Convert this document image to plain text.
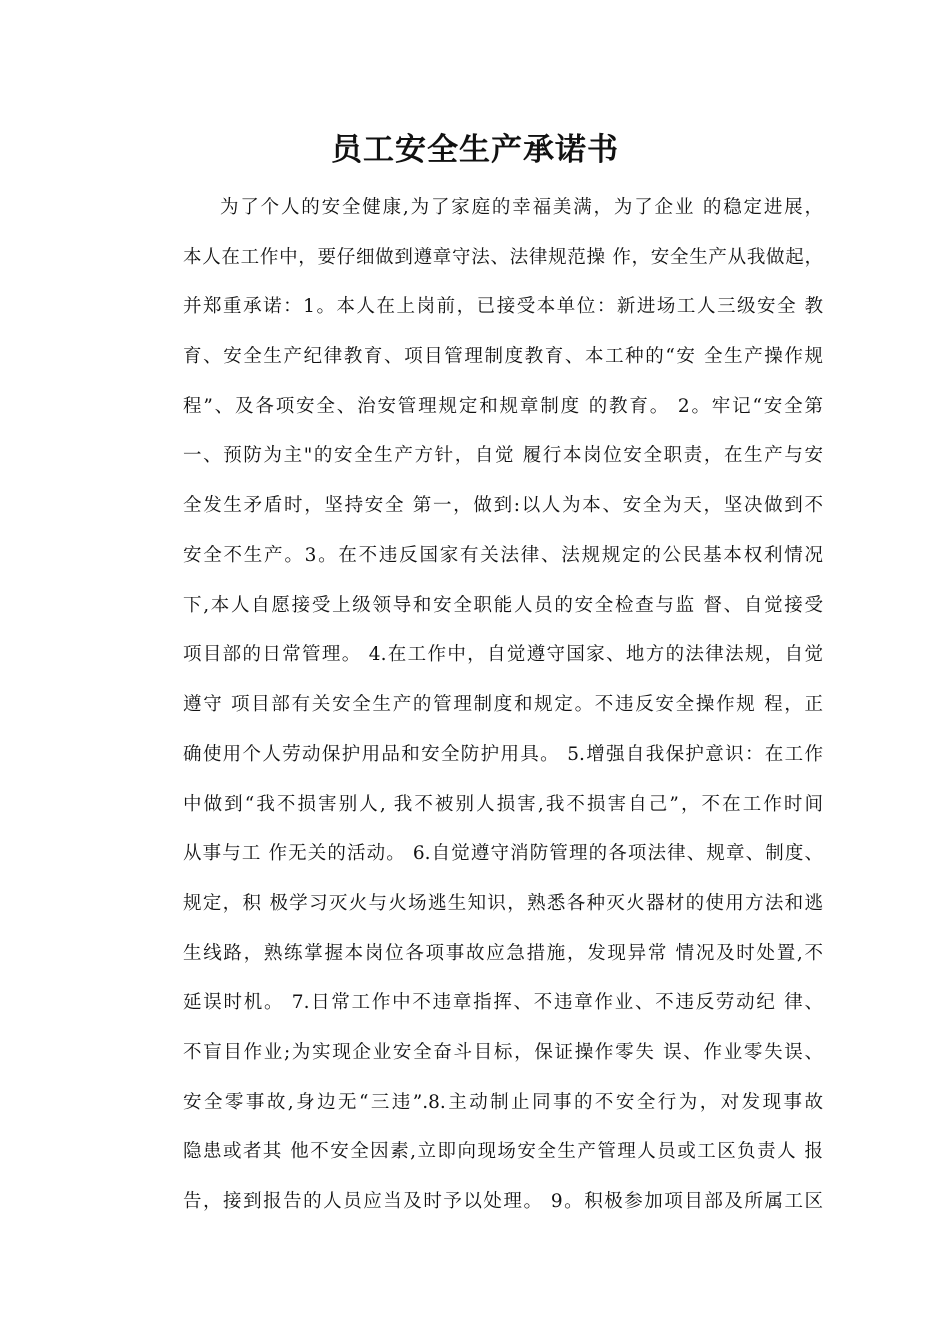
员工安全生产承诺书
为了个人的安全健康,为了家庭的幸福美满，为了企业 的稳定进展，
本人在工作中，要仔细做到遵章守法、法律规范操 作，安全生产从我做起，
并郑重承诺：1。本人在上岗前，已接受本单位：新进场工人三级安全 教
育、安全生产纪律教育、项目管理制度教育、本工种的“安 全生产操作规
程”、及各项安全、治安管理规定和规章制度 的教育。 2。牢记“安全第
一、预防为主"的安全生产方针，自觉 履行本岗位安全职责，在生产与安
全发生矛盾时，坚持安全 第一，做到:以人为本、安全为天，坚决做到不
安全不生产。3。在不违反国家有关法律、法规规定的公民基本权利情况
下,本人自愿接受上级领导和安全职能人员的安全检查与监 督、自觉接受
项目部的日常管理。 4.在工作中，自觉遵守国家、地方的法律法规，自觉
遵守 项目部有关安全生产的管理制度和规定。不违反安全操作规 程，正
确使用个人劳动保护用品和安全防护用具。 5.增强自我保护意识：在工作
中做到“我不损害别人, 我不被别人损害,我不损害自己”，不在工作时间
从事与工 作无关的活动。 6.自觉遵守消防管理的各项法律、规章、制度、
规定，积 极学习灭火与火场逃生知识，熟悉各种灭火器材的使用方法和逃
生线路，熟练掌握本岗位各项事故应急措施，发现异常 情况及时处置,不
延误时机。 7.日常工作中不违章指挥、不违章作业、不违反劳动纪 律、
不盲目作业;为实现企业安全奋斗目标，保证操作零失 误、作业零失误、
安全零事故,身边无“三违”.8.主动制止同事的不安全行为，对发现事故
隐患或者其 他不安全因素,立即向现场安全生产管理人员或工区负责人 报
告，接到报告的人员应当及时予以处理。 9。积极参加项目部及所属工区
